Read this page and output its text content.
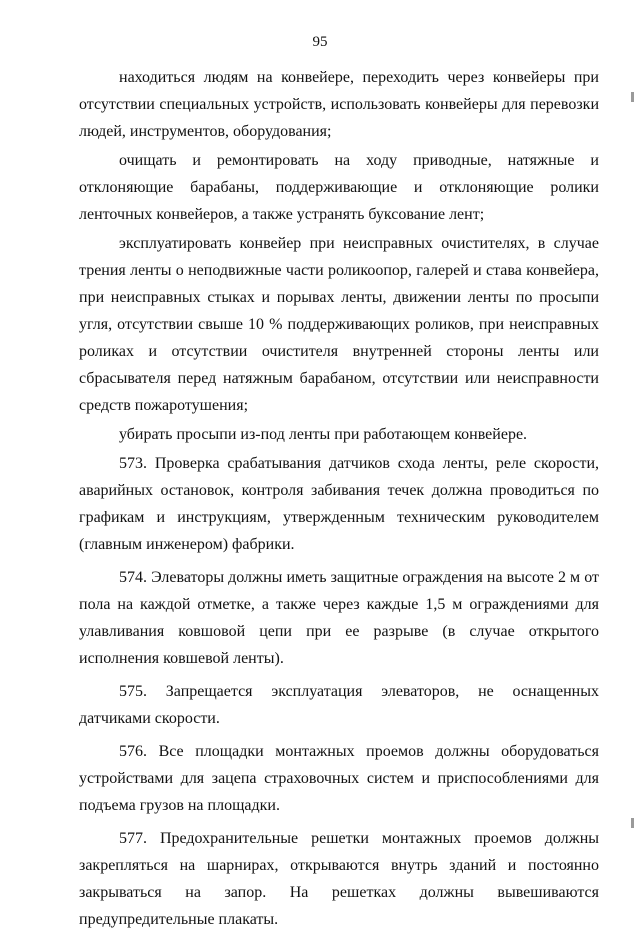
95

находиться людям на конвейере, переходить через конвейеры при отсутствии специальных устройств, использовать конвейеры для перевозки людей, инструментов, оборудования;

очищать и ремонтировать на ходу приводные, натяжные и отклоняющие барабаны, поддерживающие и отклоняющие ролики ленточных конвейеров, а также устранять буксование лент;

эксплуатировать конвейер при неисправных очистителях, в случае трения ленты о неподвижные части роликоопор, галерей и става конвейера, при неисправных стыках и порывах ленты, движении ленты по просыпи угля, отсутствии свыше 10 % поддерживающих роликов, при неисправных роликах и отсутствии очистителя внутренней стороны ленты или сбрасывателя перед натяжным барабаном, отсутствии или неисправности средств пожаротушения;

убирать просыпи из-под ленты при работающем конвейере.

573. Проверка срабатывания датчиков схода ленты, реле скорости, аварийных остановок, контроля забивания течек должна проводиться по графикам и инструкциям, утвержденным техническим руководителем (главным инженером) фабрики.

574. Элеваторы должны иметь защитные ограждения на высоте 2 м от пола на каждой отметке, а также через каждые 1,5 м ограждениями для улавливания ковшовой цепи при ее разрыве (в случае открытого исполнения ковшевой ленты).

575. Запрещается эксплуатация элеваторов, не оснащенных датчиками скорости.

576. Все площадки монтажных проемов должны оборудоваться устройствами для зацепа страховочных систем и приспособлениями для подъема грузов на площадки.

577. Предохранительные решетки монтажных проемов должны закрепляться на шарнирах, открываются внутрь зданий и постоянно закрываться на запор. На решетках должны вывешиваются предупредительные плакаты.
